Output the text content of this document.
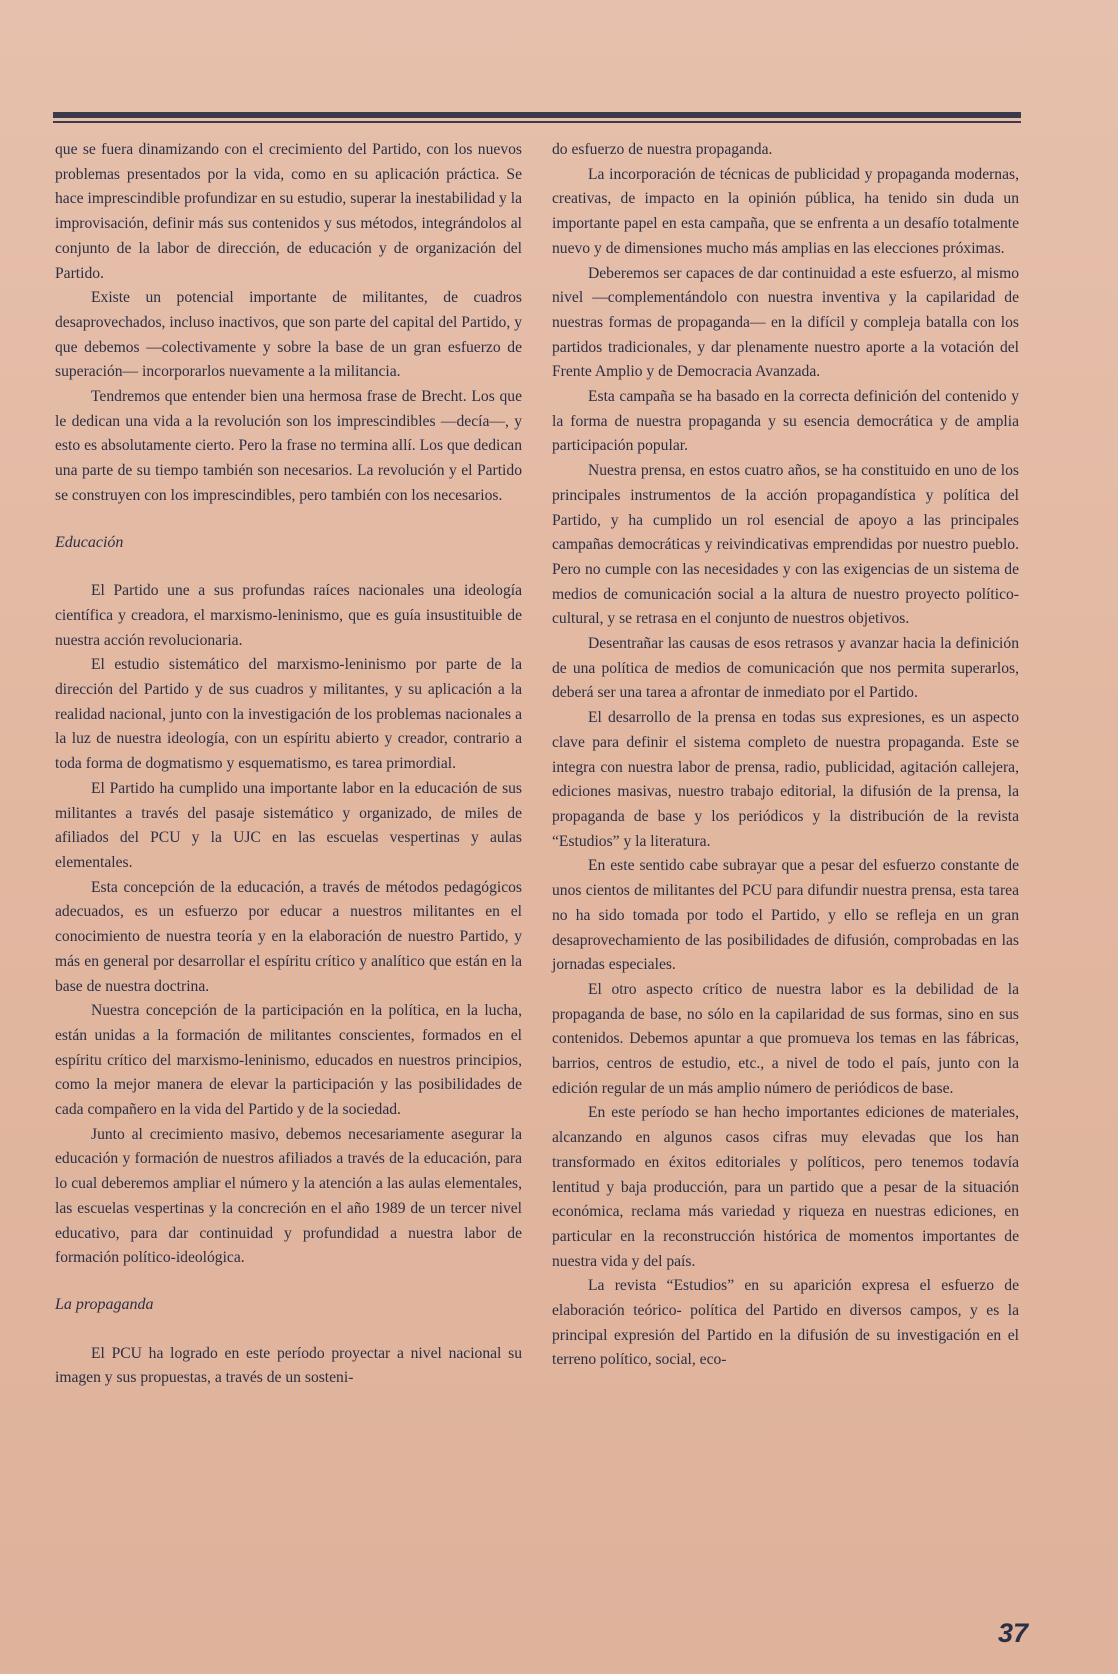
que se fuera dinamizando con el crecimiento del Partido, con los nuevos problemas presentados por la vida, como en su aplicación práctica. Se hace imprescindible profundizar en su estudio, superar la inestabilidad y la improvisación, definir más sus contenidos y sus métodos, integrándolos al conjunto de la labor de dirección, de educación y de organización del Partido.

Existe un potencial importante de militantes, de cuadros desaprovechados, incluso inactivos, que son parte del capital del Partido, y que debemos —colectivamente y sobre la base de un gran esfuerzo de superación— incorporarlos nuevamente a la militancia.

Tendremos que entender bien una hermosa frase de Brecht. Los que le dedican una vida a la revolución son los imprescindibles —decía—, y esto es absolutamente cierto. Pero la frase no termina allí. Los que dedican una parte de su tiempo también son necesarios. La revolución y el Partido se construyen con los imprescindibles, pero también con los necesarios.

Educación

El Partido une a sus profundas raíces nacionales una ideología científica y creadora, el marxismo-leninismo, que es guía insustituible de nuestra acción revolucionaria.

El estudio sistemático del marxismo-leninismo por parte de la dirección del Partido y de sus cuadros y militantes, y su aplicación a la realidad nacional, junto con la investigación de los problemas nacionales a la luz de nuestra ideología, con un espíritu abierto y creador, contrario a toda forma de dogmatismo y esquematismo, es tarea primordial.

El Partido ha cumplido una importante labor en la educación de sus militantes a través del pasaje sistemático y organizado, de miles de afiliados del PCU y la UJC en las escuelas vespertinas y aulas elementales.

Esta concepción de la educación, a través de métodos pedagógicos adecuados, es un esfuerzo por educar a nuestros militantes en el conocimiento de nuestra teoría y en la elaboración de nuestro Partido, y más en general por desarrollar el espíritu crítico y analítico que están en la base de nuestra doctrina.

Nuestra concepción de la participación en la política, en la lucha, están unidas a la formación de militantes conscientes, formados en el espíritu crítico del marxismo-leninismo, educados en nuestros principios, como la mejor manera de elevar la participación y las posibilidades de cada compañero en la vida del Partido y de la sociedad.

Junto al crecimiento masivo, debemos necesariamente asegurar la educación y formación de nuestros afiliados a través de la educación, para lo cual deberemos ampliar el número y la atención a las aulas elementales, las escuelas vespertinas y la concreción en el año 1989 de un tercer nivel educativo, para dar continuidad y profundidad a nuestra labor de formación político-ideológica.

La propaganda

El PCU ha logrado en este período proyectar a nivel nacional su imagen y sus propuestas, a través de un sosteni-

do esfuerzo de nuestra propaganda.

La incorporación de técnicas de publicidad y propaganda modernas, creativas, de impacto en la opinión pública, ha tenido sin duda un importante papel en esta campaña, que se enfrenta a un desafío totalmente nuevo y de dimensiones mucho más amplias en las elecciones próximas.

Deberemos ser capaces de dar continuidad a este esfuerzo, al mismo nivel —complementándolo con nuestra inventiva y la capilaridad de nuestras formas de propaganda— en la difícil y compleja batalla con los partidos tradicionales, y dar plenamente nuestro aporte a la votación del Frente Amplio y de Democracia Avanzada.

Esta campaña se ha basado en la correcta definición del contenido y la forma de nuestra propaganda y su esencia democrática y de amplia participación popular.

Nuestra prensa, en estos cuatro años, se ha constituido en uno de los principales instrumentos de la acción propagandística y política del Partido, y ha cumplido un rol esencial de apoyo a las principales campañas democráticas y reivindicativas emprendidas por nuestro pueblo. Pero no cumple con las necesidades y con las exigencias de un sistema de medios de comunicación social a la altura de nuestro proyecto político-cultural, y se retrasa en el conjunto de nuestros objetivos.

Desentrañar las causas de esos retrasos y avanzar hacia la definición de una política de medios de comunicación que nos permita superarlos, deberá ser una tarea a afrontar de inmediato por el Partido.

El desarrollo de la prensa en todas sus expresiones, es un aspecto clave para definir el sistema completo de nuestra propaganda. Este se integra con nuestra labor de prensa, radio, publicidad, agitación callejera, ediciones masivas, nuestro trabajo editorial, la difusión de la prensa, la propaganda de base y los periódicos y la distribución de la revista “Estudios” y la literatura.

En este sentido cabe subrayar que a pesar del esfuerzo constante de unos cientos de militantes del PCU para difundir nuestra prensa, esta tarea no ha sido tomada por todo el Partido, y ello se refleja en un gran desaprovechamiento de las posibilidades de difusión, comprobadas en las jornadas especiales.

El otro aspecto crítico de nuestra labor es la debilidad de la propaganda de base, no sólo en la capilaridad de sus formas, sino en sus contenidos. Debemos apuntar a que promueva los temas en las fábricas, barrios, centros de estudio, etc., a nivel de todo el país, junto con la edición regular de un más amplio número de periódicos de base.

En este período se han hecho importantes ediciones de materiales, alcanzando en algunos casos cifras muy elevadas que los han transformado en éxitos editoriales y políticos, pero tenemos todavía lentitud y baja producción, para un partido que a pesar de la situación económica, reclama más variedad y riqueza en nuestras ediciones, en particular en la reconstrucción histórica de momentos importantes de nuestra vida y del país.

La revista “Estudios” en su aparición expresa el esfuerzo de elaboración teórico- política del Partido en diversos campos, y es la principal expresión del Partido en la difusión de su investigación en el terreno político, social, eco-

37
